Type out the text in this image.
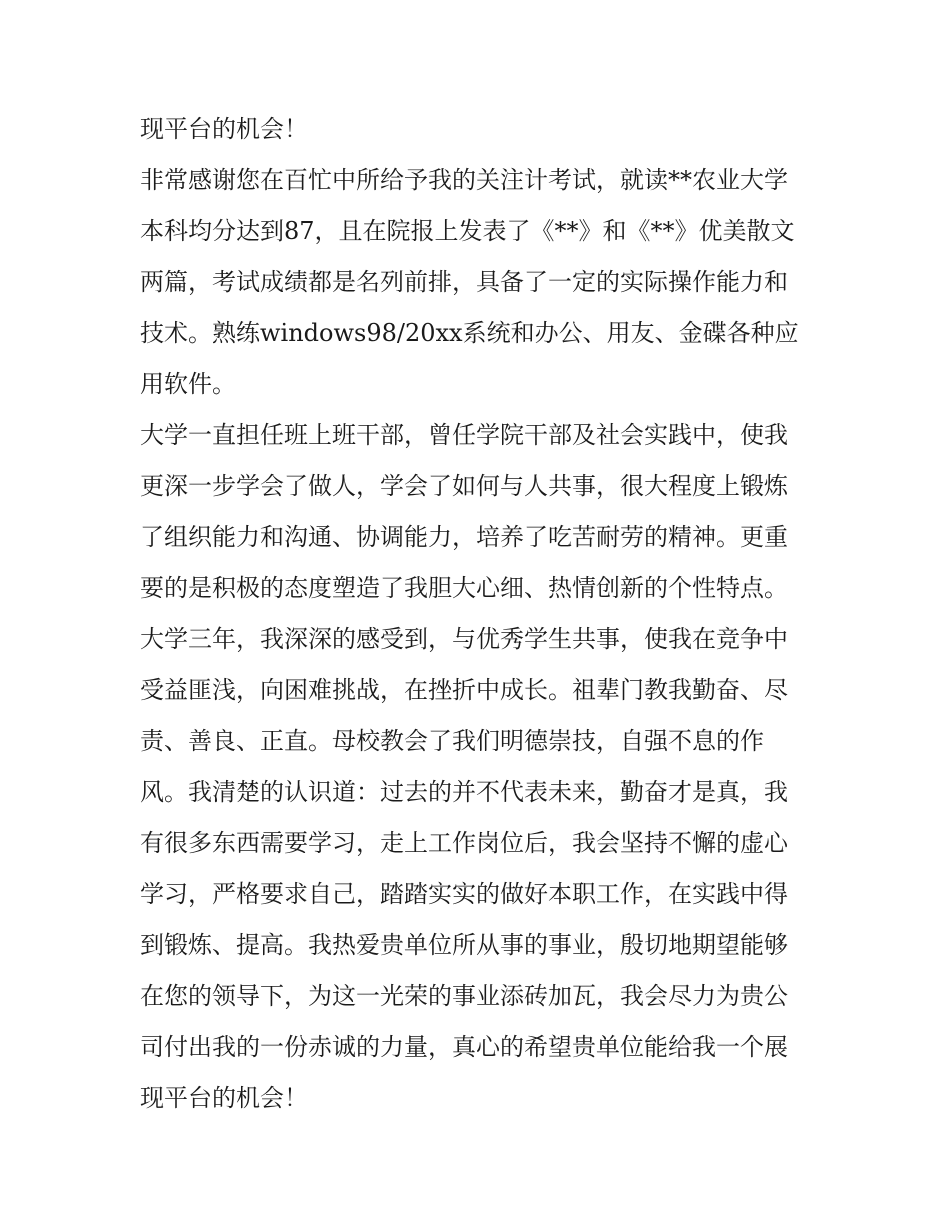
现平台的机会！
非常感谢您在百忙中所给予我的关注计考试，就读**农业大学
本科均分达到87，且在院报上发表了《**》和《**》优美散文
两篇，考试成绩都是名列前排，具备了一定的实际操作能力和
技术。熟练windows98/20xx系统和办公、用友、金碟各种应
用软件。
大学一直担任班上班干部，曾任学院干部及社会实践中，使我
更深一步学会了做人，学会了如何与人共事，很大程度上锻炼
了组织能力和沟通、协调能力，培养了吃苦耐劳的精神。更重
要的是积极的态度塑造了我胆大心细、热情创新的个性特点。
大学三年，我深深的感受到，与优秀学生共事，使我在竞争中
受益匪浅，向困难挑战，在挫折中成长。祖辈门教我勤奋、尽
责、善良、正直。母校教会了我们明德崇技，自强不息的作
风。我清楚的认识道：过去的并不代表未来，勤奋才是真，我
有很多东西需要学习，走上工作岗位后，我会坚持不懈的虚心
学习，严格要求自己，踏踏实实的做好本职工作，在实践中得
到锻炼、提高。我热爱贵单位所从事的事业，殷切地期望能够
在您的领导下，为这一光荣的事业添砖加瓦，我会尽力为贵公
司付出我的一份赤诚的力量，真心的希望贵单位能给我一个展
现平台的机会！
